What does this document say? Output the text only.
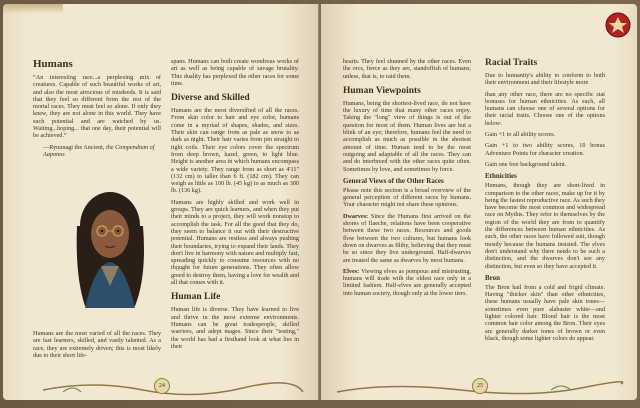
Humans

“An interesting race...a perplexing mix of creatures. Capable of such beautiful works of art, and also the most atrocious of misdeeds. It is said that they feel so different from the rest of the mortal races. They must feel so alone. If only they knew, they are not alone in this world. They have such potential and are watched by us. Waiting...hoping... that one day, their potential will be achieved.”

—Ryuunagi the Ancient, the Compendium of Aaponos

Humans are the most varied of all the races. They are fast learners, skilled, and vastly talented. As a race, they are extremely driven; this is most likely due to their short life-

spans. Humans can both create wondrous works of art as well as being capable of savage brutality. This duality has perplexed the other races for some time.

Diverse and Skilled

Humans are the most diversified of all the races. From skin color to hair and eye color, humans come in a myriad of shapes, shades, and sizes. Their skin can range from as pale as snow to as dark as night. Their hair varies from pin straight to tight coils. Their eye colors cover the spectrum from deep brown, hazel, green, to light blue. Height is another area in which humans encompass a wide variety. They range from as short as 4'11" (132 cm) to taller than 6 ft. (182 cm). They can weigh as little as 100 lb. (45 kg) to as much as 300 lb. (136 kg).

Humans are highly skilled and work well in groups. They are quick learners, and when they put their minds to a project, they will work nonstop to accomplish the task. For all the good that they do, they seem to balance it out with their destructive potential. Humans are restless and always pushing their boundaries, trying to expand their lands. They don't live in harmony with nature and multiply fast, spreading quickly to consume resources with no thought for future generations. They often allow greed to destroy them, having a love for wealth and all that comes with it.

Human Life

Human life is diverse. They have learned to live and thrive in the most extreme environments. Humans can be great tradespeople, skilled warriors, and adept mages. Since their "testing," the world has had a firsthand look at what lies in their

24

hearts. They feel shunned by the other races. Even the orcs, fierce as they are, standoffish of humans; unless, that is, to raid them.

Human Viewpoints

Humans, being the shortest-lived race, do not have the luxury of time that many other races enjoy. Taking the "long" view of things is out of the question for most of them. Human lives are but a blink of an eye; therefore, humans feel the need to accomplish as much as possible in the shortest amount of time. Human tend to be the most outgoing and adaptable of all the races. They can and do interbreed with the other races quite often. Sometimes by love, and sometimes by force.

General Views of the Other Races

Please note this section is a broad overview of the general perception of different races by humans. Your character might not share these opinions.

Dwarves: Since the Humans first arrived on the shores of Ilaeche, relations have been cooperative between these two races. Resources and goods flow between the two cultures, but humans look down on dwarves as filthy, believing that they must be so since they live underground. Half-dwarves are treated the same as dwarves by most humans.

Elves: Viewing elves as pompous and mistrusting, humans will trade with the oldest race only in a limited fashion. Half-elves are generally accepted into human society, though only at the lower tiers.

Racial Traits

Due to humanity's ability to conform to both their environment and their lifestyle more

than any other race, there are no specific stat bonuses for human ethnicities. As such, all humans can choose one of several options for their racial traits. Choose one of the options below:

Gain +1 to all ability scores.

Gain +1 to two ability scores, 10 bonus Adventure Points for character creation.

Gain one free background talent.

Ethnicities

Humans, though they are short-lived in comparison to the other races, make up for it by being the fastest reproductive race. As such they have become the most common and widespread race on Mythis. They refer to themselves by the region of the world they are from to quantify the differences between human ethnicities. As such, the other races have followed suit, though mostly because the humans insisted. The elves don't understand why there needs to be such a distinction, and the dwarves don't see any distinction, but even so they have accepted it.

Bron

The Bron hail from a cold and frigid climate. Having "thicker skin" than other ethnicities, these humans usually have pale skin tones—sometimes even pure alabaster white—and lighter colored hair. Blond hair is the most common hair color among the Bron. Their eyes are generally darker tones of brown or even black, though some lighter colors do appear.

25
